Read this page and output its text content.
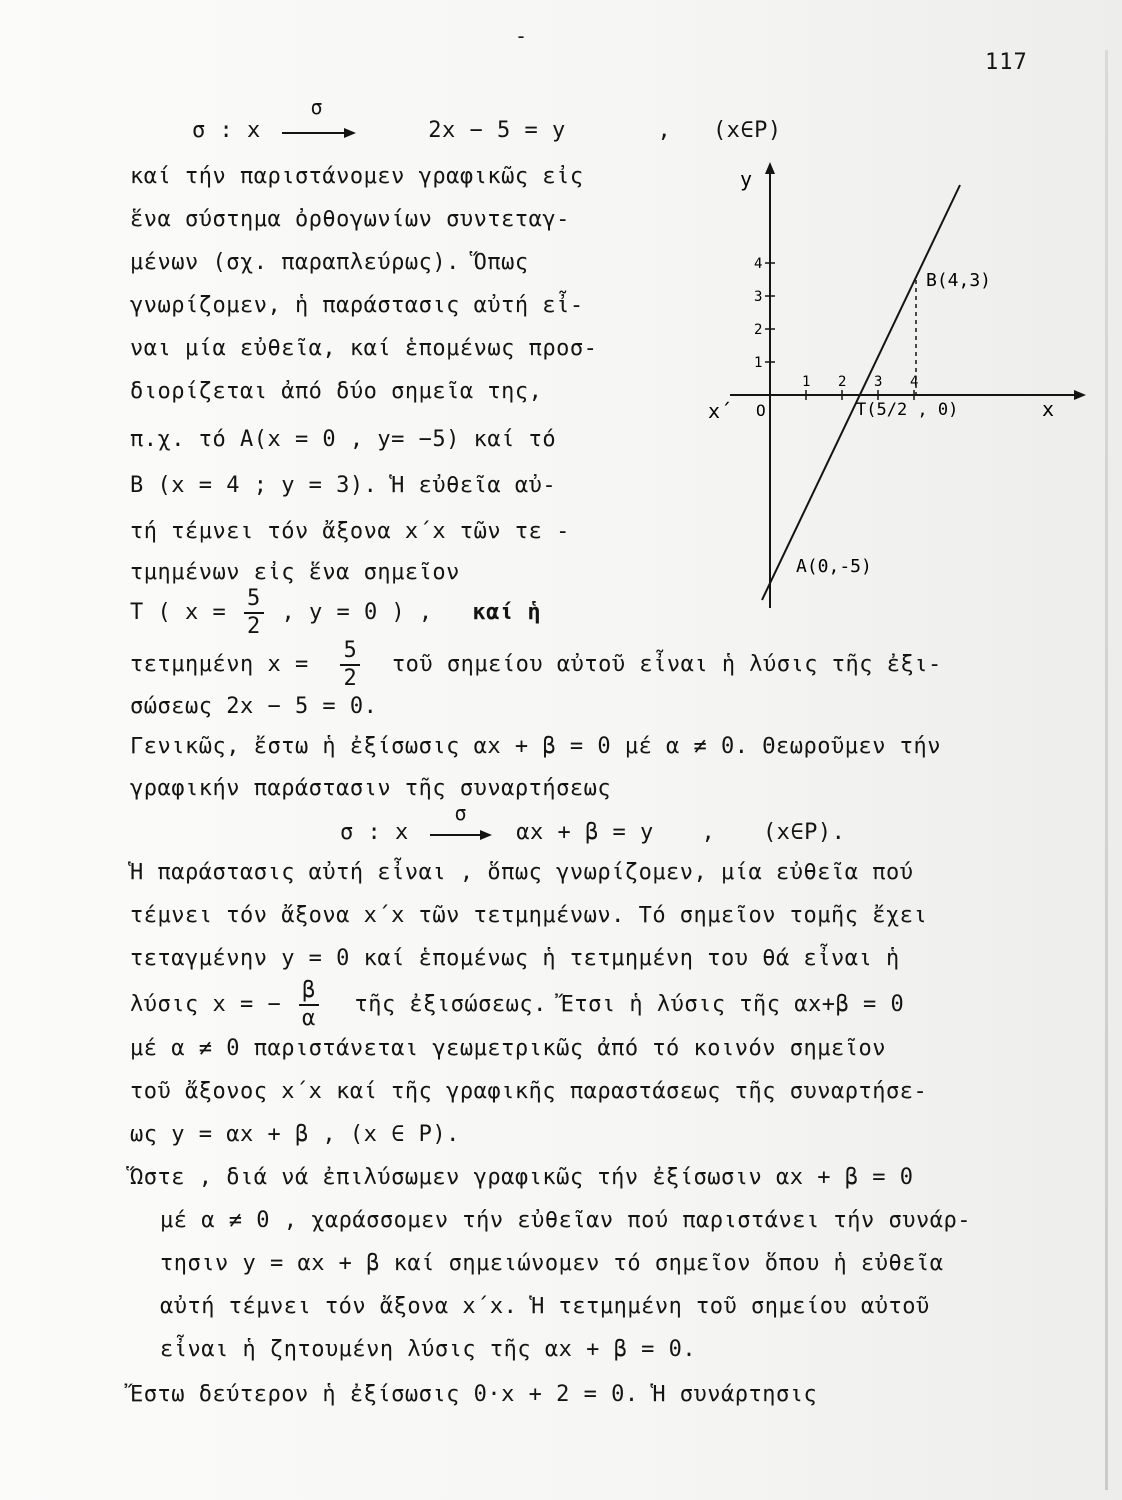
-
117
σ : x
σ
2x − 5 = y	, (x∈P)
καί τήν παριστάνομεν γραφικῶς εἰς
ἕνα σύστημα ὀρθογωνίων συντεταγ-
μένων (σχ. παραπλεύρως). Ὅπως
γνωρίζομεν, ἡ παράστασις αὐτή εἶ-
ναι μία εὐθεῖα, καί ἑπομένως προσ-
διορίζεται ἀπό δύο σημεῖα της,
π.χ. τό A(x = 0 , y= −5) καί τό
B (x = 4 ; y = 3). Ἡ εὐθεῖα αὐ-
τή τέμνει τόν ἄξονα x΄x τῶν τε -
τμημένων εἰς ἕνα σημεῖον
T ( $x = \frac{5}{2}$ , y = 0 ) , καί ἡ
τετμημένη $x = \frac{5}{2}$ τοῦ σημείου αὐτοῦ εἶναι ἡ λύσις τῆς ἐξι-
σώσεως 2x − 5 = 0.
Γενικῶς, ἔστω ἡ ἐξίσωσις αx + β = 0 μέ α ≠ 0. Θεωροῦμεν τήν
γραφικήν παράστασιν τῆς συναρτήσεως
σ : x
σ
αx + β = y , (x∈P).
Ἡ παράστασις αὐτή εἶναι , ὅπως γνωρίζομεν, μία εὐθεῖα πού
τέμνει τόν ἄξονα x΄x τῶν τετμημένων. Τό σημεῖον τομῆς ἔχει
τεταγμένην y = 0 καί ἑπομένως ἡ τετμημένη του θά εἶναι ἡ
λύσις x = − $\frac{\beta}{\alpha}$ τῆς ἐξισώσεως. Ἔτσι ἡ λύσις τῆς αx+β = 0
μέ α ≠ 0 παριστάνεται γεωμετρικῶς ἀπό τό κοινόν σημεῖον
τοῦ ἄξονος x΄x καί τῆς γραφικῆς παραστάσεως τῆς συναρτήσε-
ως y = αx + β , (x ∈ P).
Ὥστε , διά νά ἐπιλύσωμεν γραφικῶς τήν ἐξίσωσιν αx + β = 0
μέ α ≠ 0 , χαράσσομεν τήν εὐθεῖαν πού παριστάνει τήν συνάρ-
τησιν y = αx + β καί σημειώνομεν τό σημεῖον ὅπου ἡ εὐθεῖα
αὐτή τέμνει τόν ἄξονα x΄x. Ἡ τετμημένη τοῦ σημείου αὐτοῦ
εἶναι ἡ ζητουμένη λύσις τῆς αx + β = 0.
Ἔστω δεύτερον ἡ ἐξίσωσις 0·x + 2 = 0. Ἡ συνάρτησις
y
x
x΄ O
1
2
3
4
1 2 3 4
B(4,3)
A(0,-5)
T(5/2 , 0)
